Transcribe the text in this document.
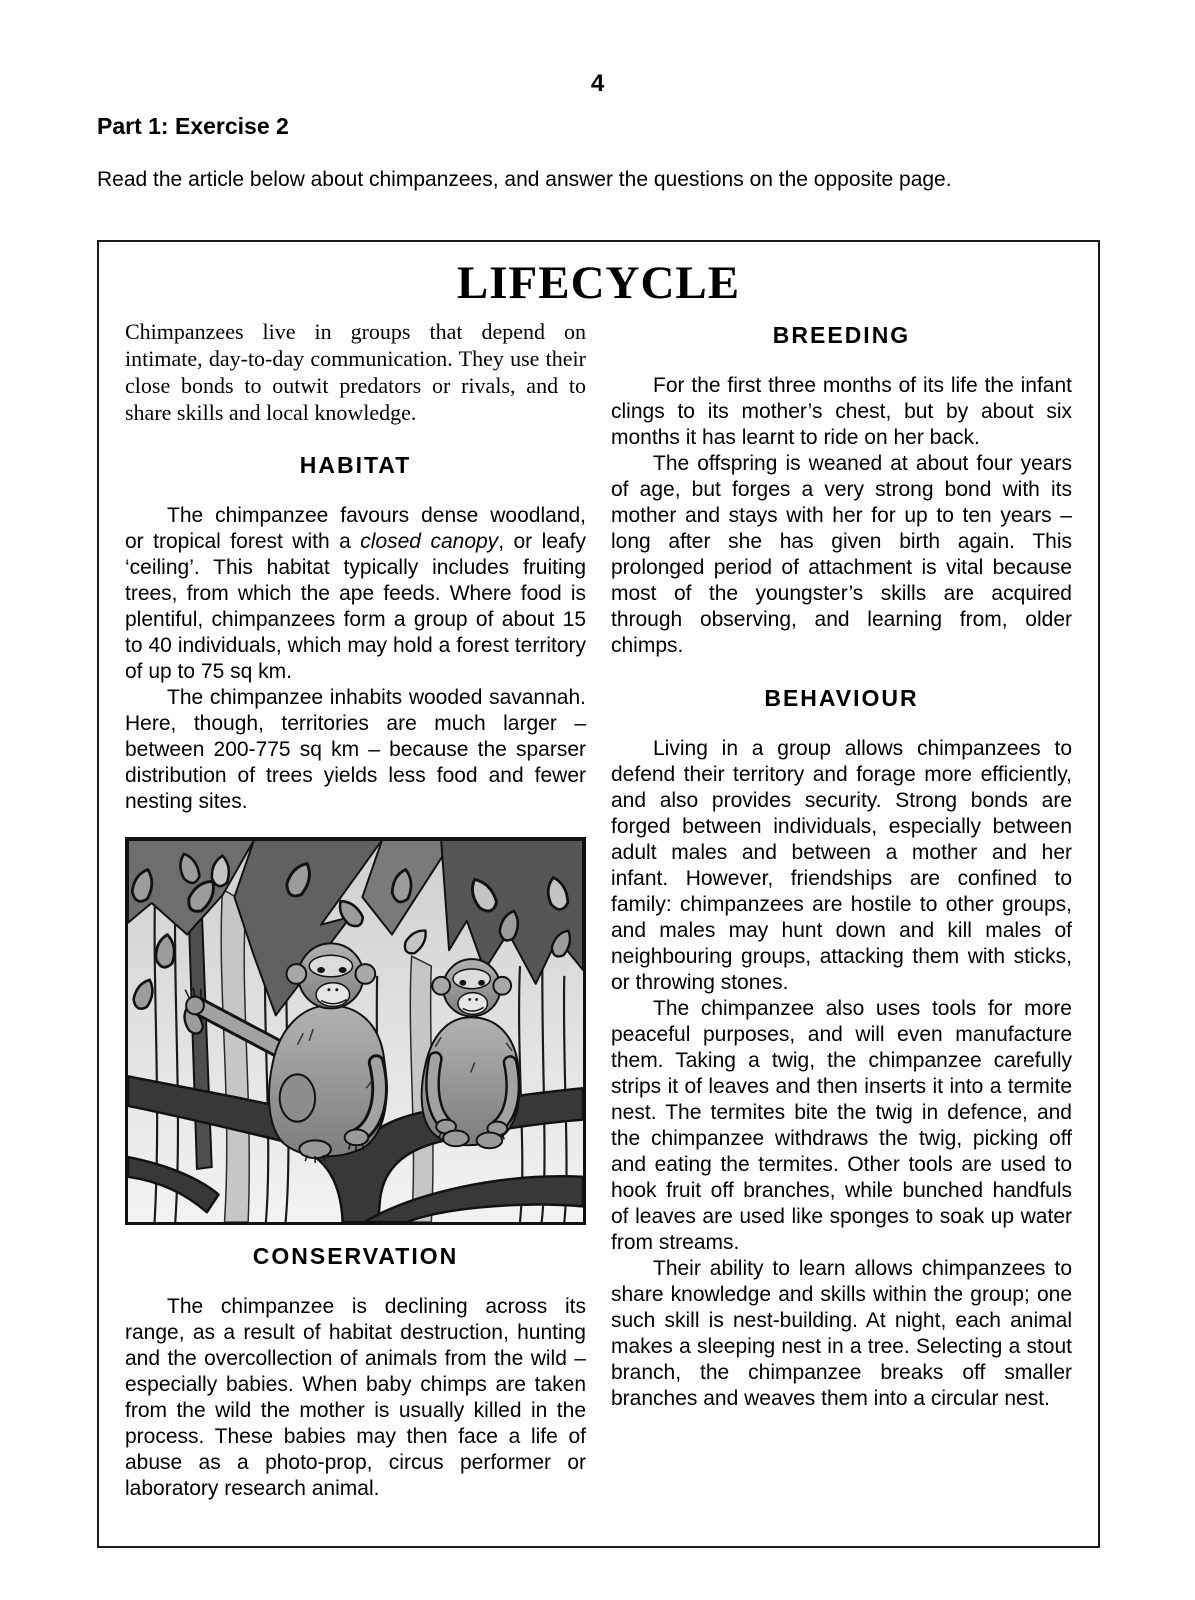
4
Part 1: Exercise 2
Read the article below about chimpanzees, and answer the questions on the opposite page.
LIFECYCLE

Chimpanzees live in groups that depend on intimate, day-to-day communication. They use their close bonds to outwit predators or rivals, and to share skills and local knowledge.

HABITAT

The chimpanzee favours dense woodland, or tropical forest with a closed canopy, or leafy ‘ceiling’. This habitat typically includes fruiting trees, from which the ape feeds. Where food is plentiful, chimpanzees form a group of about 15 to 40 individuals, which may hold a forest territory of up to 75 sq km.

The chimpanzee inhabits wooded savannah. Here, though, territories are much larger – between 200-775 sq km – because the sparser distribution of trees yields less food and fewer nesting sites.

CONSERVATION

The chimpanzee is declining across its range, as a result of habitat destruction, hunting and the overcollection of animals from the wild – especially babies. When baby chimps are taken from the wild the mother is usually killed in the process. These babies may then face a life of abuse as a photo-prop, circus performer or laboratory research animal.

BREEDING

For the first three months of its life the infant clings to its mother’s chest, but by about six months it has learnt to ride on her back.

The offspring is weaned at about four years of age, but forges a very strong bond with its mother and stays with her for up to ten years – long after she has given birth again. This prolonged period of attachment is vital because most of the youngster’s skills are acquired through observing, and learning from, older chimps.

BEHAVIOUR

Living in a group allows chimpanzees to defend their territory and forage more efficiently, and also provides security. Strong bonds are forged between individuals, especially between adult males and between a mother and her infant. However, friendships are confined to family: chimpanzees are hostile to other groups, and males may hunt down and kill males of neighbouring groups, attacking them with sticks, or throwing stones.

The chimpanzee also uses tools for more peaceful purposes, and will even manufacture them. Taking a twig, the chimpanzee carefully strips it of leaves and then inserts it into a termite nest. The termites bite the twig in defence, and the chimpanzee withdraws the twig, picking off and eating the termites. Other tools are used to hook fruit off branches, while bunched handfuls of leaves are used like sponges to soak up water from streams.

Their ability to learn allows chimpanzees to share knowledge and skills within the group; one such skill is nest-building. At night, each animal makes a sleeping nest in a tree. Selecting a stout branch, the chimpanzee breaks off smaller branches and weaves them into a circular nest.
